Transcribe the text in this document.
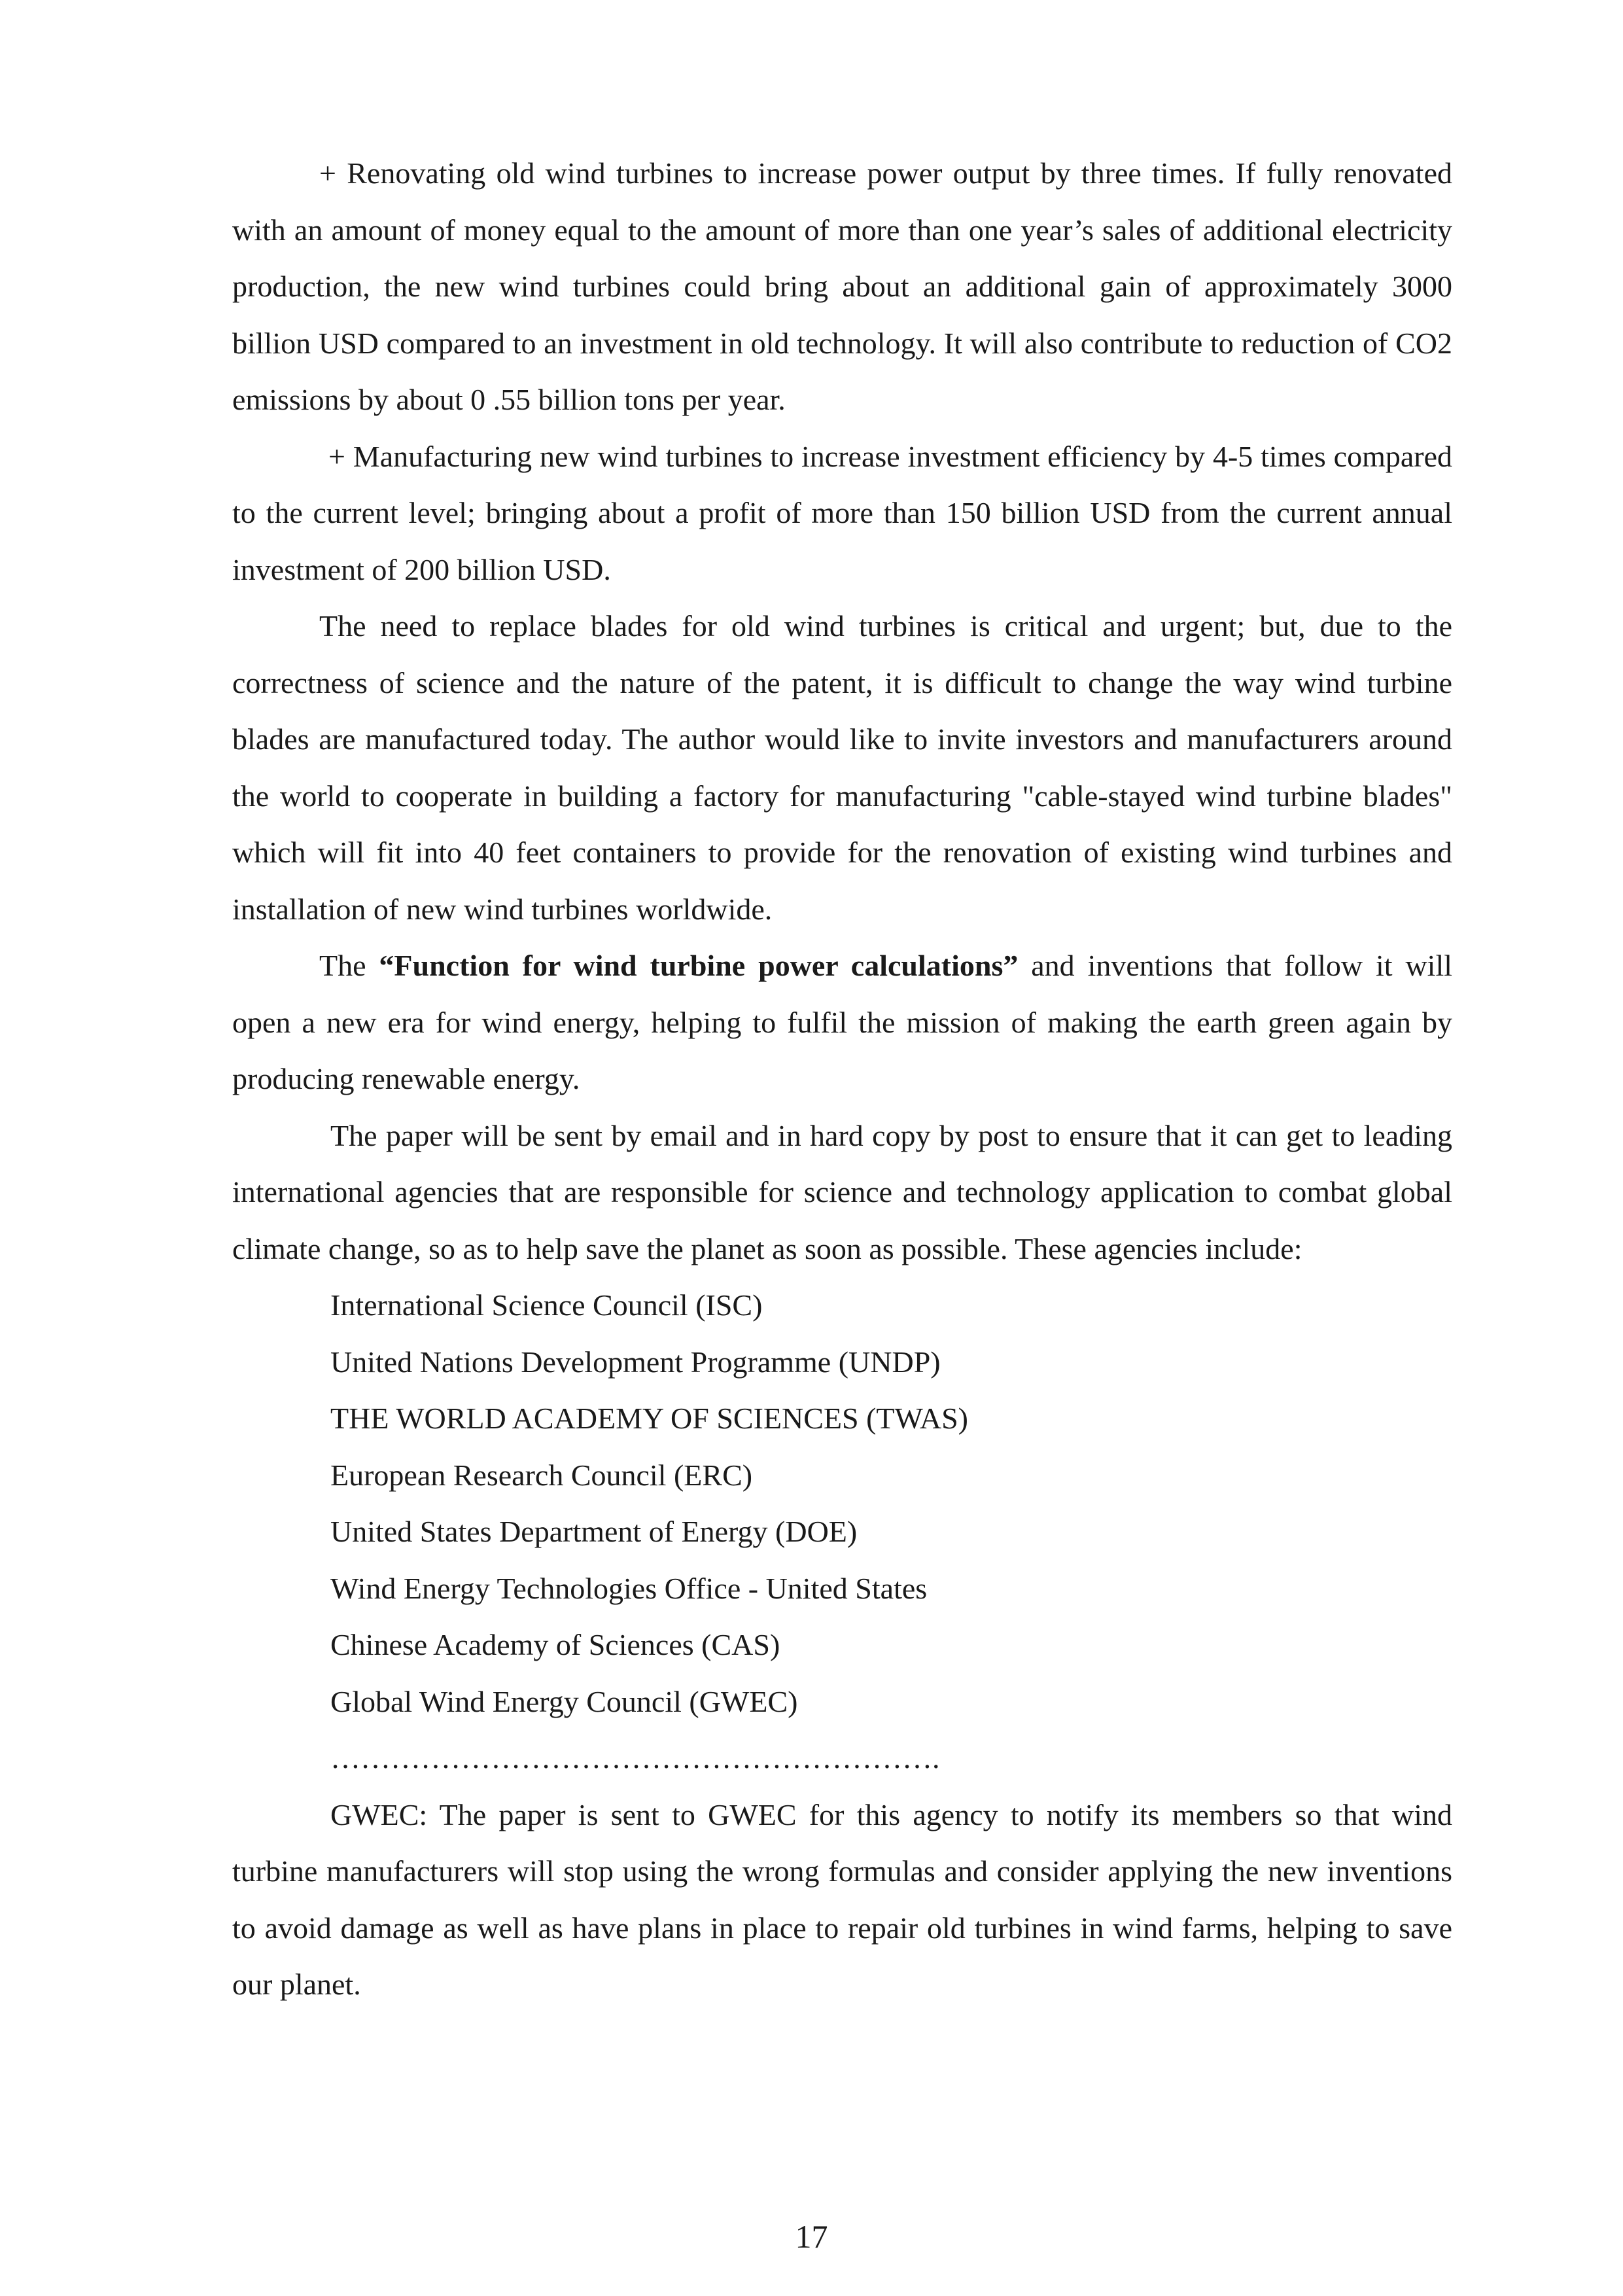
+ Renovating old wind turbines to increase power output by three times. If fully renovated with an amount of money equal to the amount of more than one year’s sales of additional electricity production, the new wind turbines could bring about an additional gain of approximately 3000 billion USD compared to an investment in old technology. It will also contribute to reduction of CO2 emissions by about 0 .55 billion tons per year.

+ Manufacturing new wind turbines to increase investment efficiency by 4-5 times compared to the current level; bringing about a profit of more than 150 billion USD from the current annual investment of 200 billion USD.

The need to replace blades for old wind turbines is critical and urgent; but, due to the correctness of science and the nature of the patent, it is difficult to change the way wind turbine blades are manufactured today. The author would like to invite investors and manufacturers around the world to cooperate in building a factory for manufacturing "cable-stayed wind turbine blades" which will fit into 40 feet containers to provide for the renovation of existing wind turbines and installation of new wind turbines worldwide.

The “Function for wind turbine power calculations” and inventions that follow it will open a new era for wind energy, helping to fulfil the mission of making the earth green again by producing renewable energy.

The paper will be sent by email and in hard copy by post to ensure that it can get to leading international agencies that are responsible for science and technology application to combat global climate change, so as to help save the planet as soon as possible. These agencies include:

International Science Council (ISC)
United Nations Development Programme (UNDP)
THE WORLD ACADEMY OF SCIENCES (TWAS)
European Research Council (ERC)
United States Department of Energy (DOE)
Wind Energy Technologies Office - United States
Chinese Academy of Sciences (CAS)
Global Wind Energy Council (GWEC)

…………………………………………………….

GWEC: The paper is sent to GWEC for this agency to notify its members so that wind turbine manufacturers will stop using the wrong formulas and consider applying the new inventions to avoid damage as well as have plans in place to repair old turbines in wind farms, helping to save our planet.

17
